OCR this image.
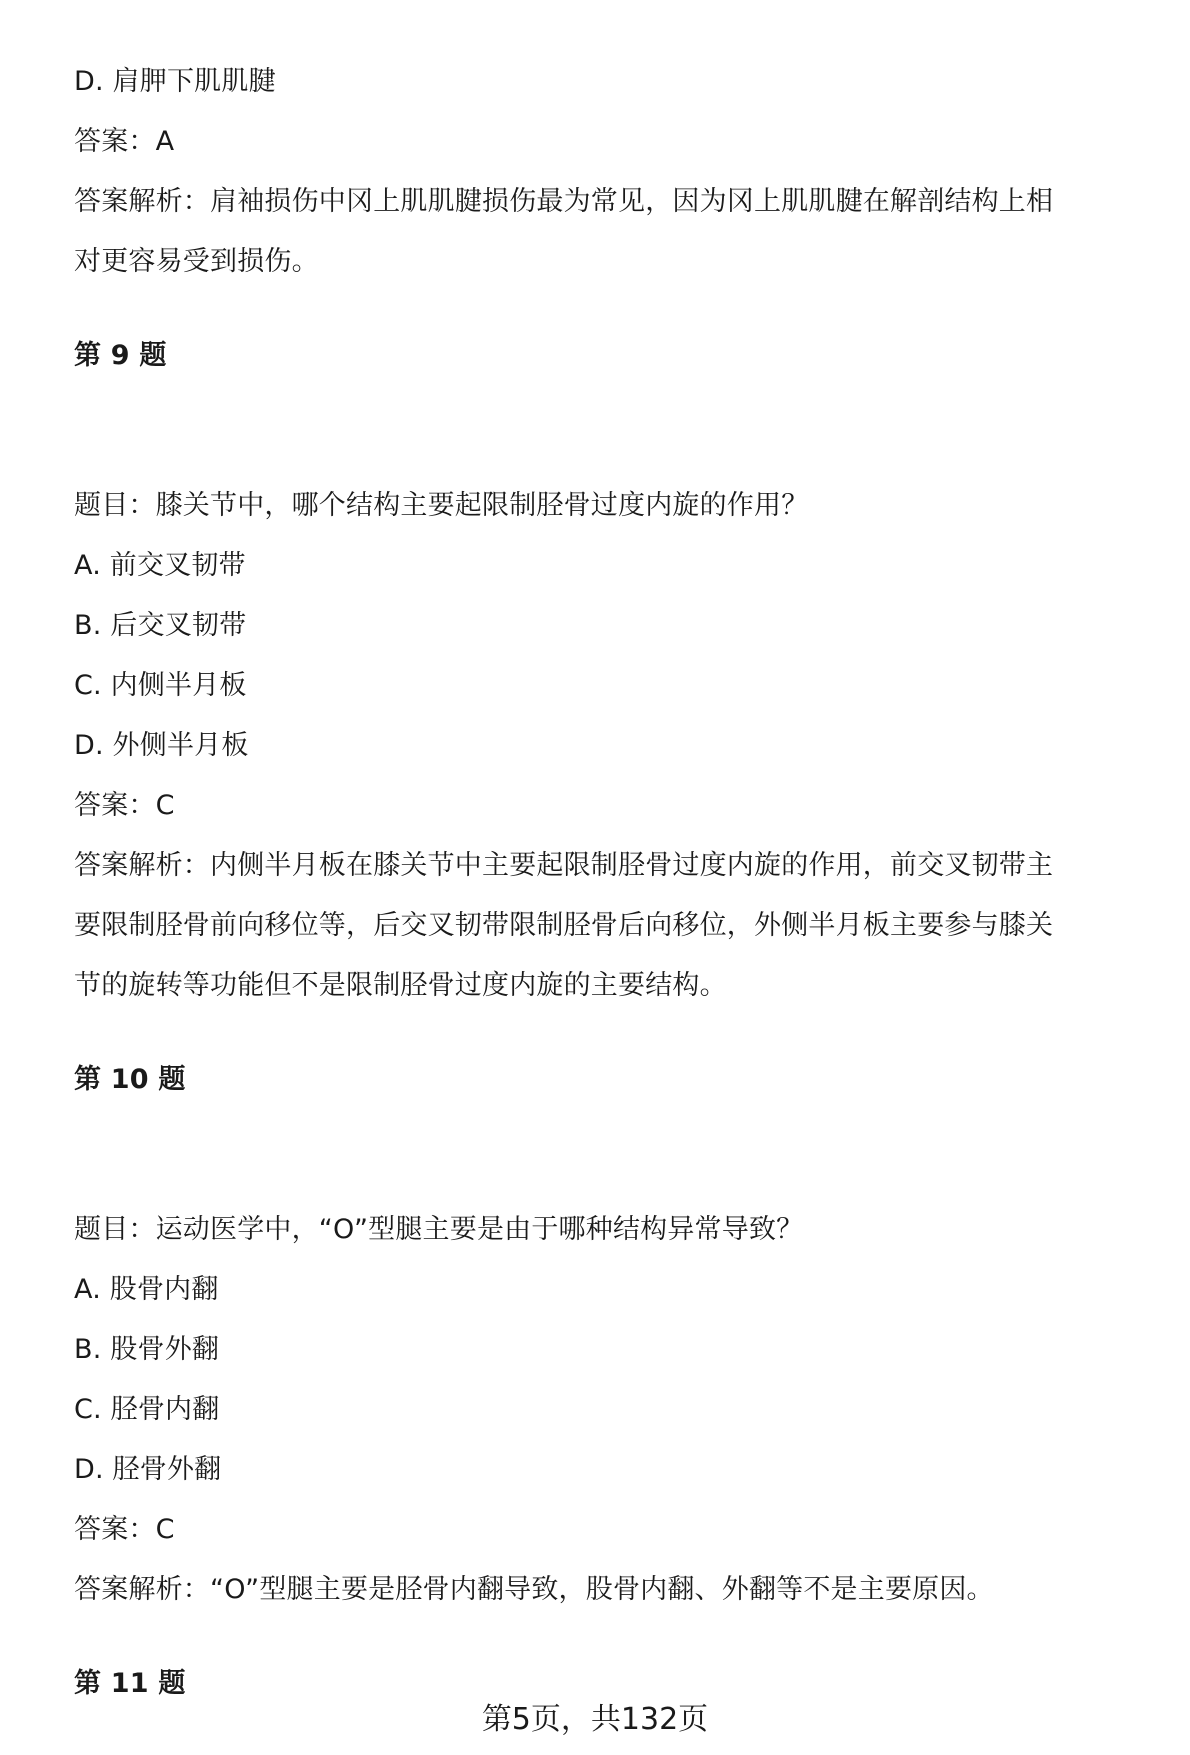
D. 肩胛下肌肌腱
答案：A
答案解析：肩袖损伤中冈上肌肌腱损伤最为常见，因为冈上肌肌腱在解剖结构上相
对更容易受到损伤。
第 9 题
题目：膝关节中，哪个结构主要起限制胫骨过度内旋的作用？
A. 前交叉韧带
B. 后交叉韧带
C. 内侧半月板
D. 外侧半月板
答案：C
答案解析：内侧半月板在膝关节中主要起限制胫骨过度内旋的作用，前交叉韧带主
要限制胫骨前向移位等，后交叉韧带限制胫骨后向移位，外侧半月板主要参与膝关
节的旋转等功能但不是限制胫骨过度内旋的主要结构。
第 10 题
题目：运动医学中，“O”型腿主要是由于哪种结构异常导致？
A. 股骨内翻
B. 股骨外翻
C. 胫骨内翻
D. 胫骨外翻
答案：C
答案解析：“O”型腿主要是胫骨内翻导致，股骨内翻、外翻等不是主要原因。
第 11 题
第5页，共132页
